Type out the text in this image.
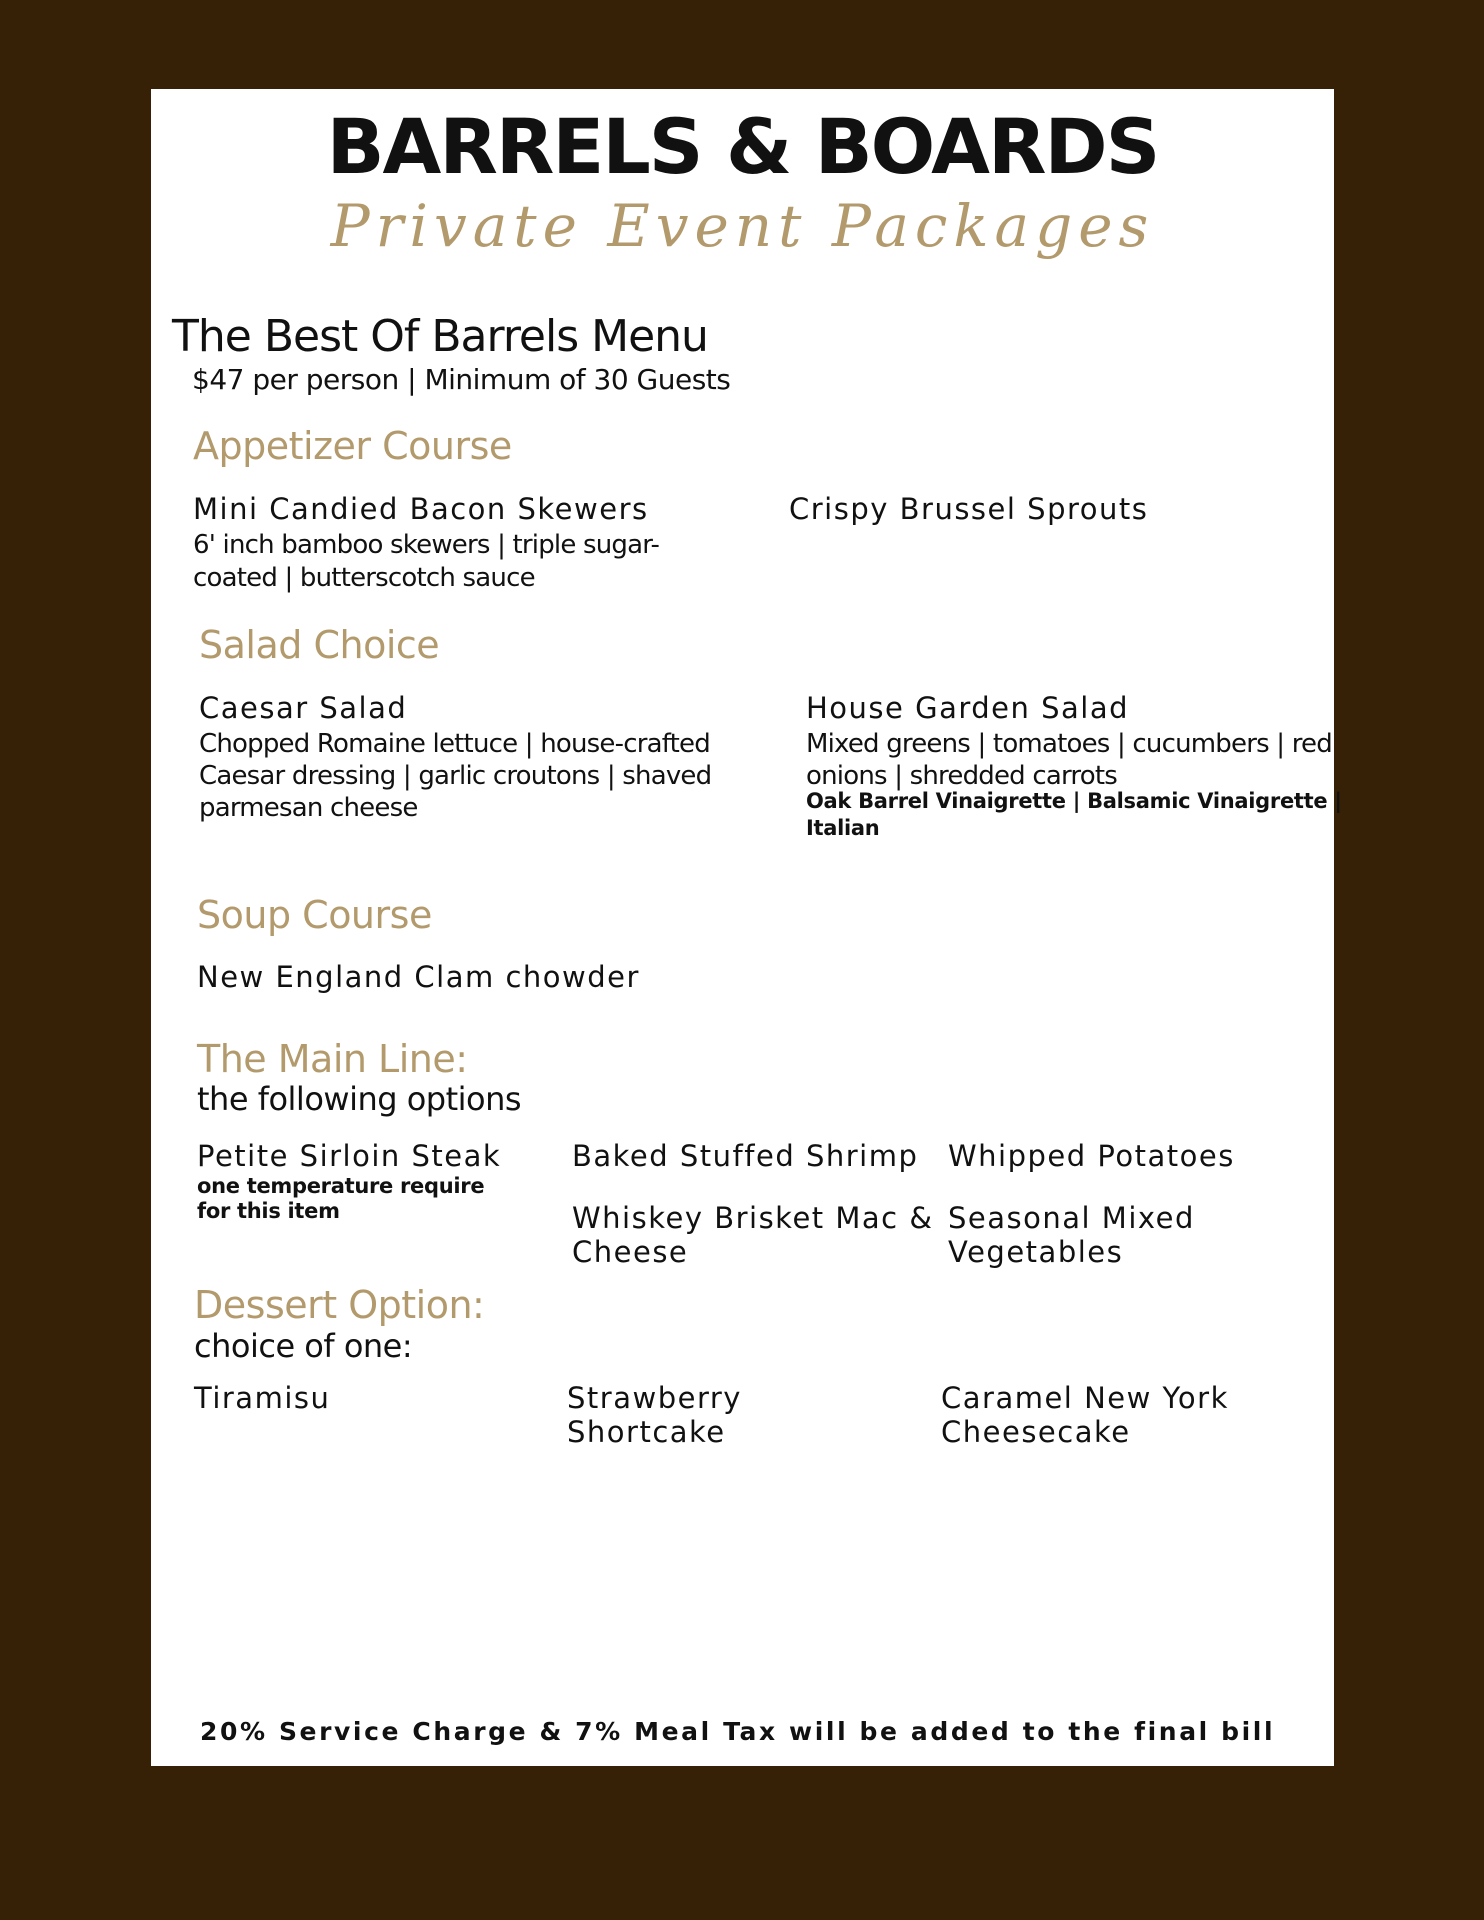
BARRELS & BOARDS
Private Event Packages
The Best Of Barrels Menu
$47 per person | Minimum of 30 Guests
Appetizer Course
Mini Candied Bacon Skewers
6' inch bamboo skewers | triple sugar-
coated | butterscotch sauce
Crispy Brussel Sprouts
Salad Choice
Caesar Salad
Chopped Romaine lettuce | house-crafted
Caesar dressing | garlic croutons | shaved
parmesan cheese
House Garden Salad
Mixed greens | tomatoes | cucumbers | red
onions | shredded carrots
Oak Barrel Vinaigrette | Balsamic Vinaigrette |
Italian
Soup Course
New England Clam chowder
The Main Line:
the following options
Petite Sirloin Steak
one temperature require
for this item
Baked Stuffed Shrimp
Whiskey Brisket Mac &
Cheese
Whipped Potatoes
Seasonal Mixed
Vegetables
Dessert Option:
choice of one:
Tiramisu	Strawberry
Shortcake
Caramel New York
Cheesecake
20% Service Charge & 7% Meal Tax will be added to the final bill
